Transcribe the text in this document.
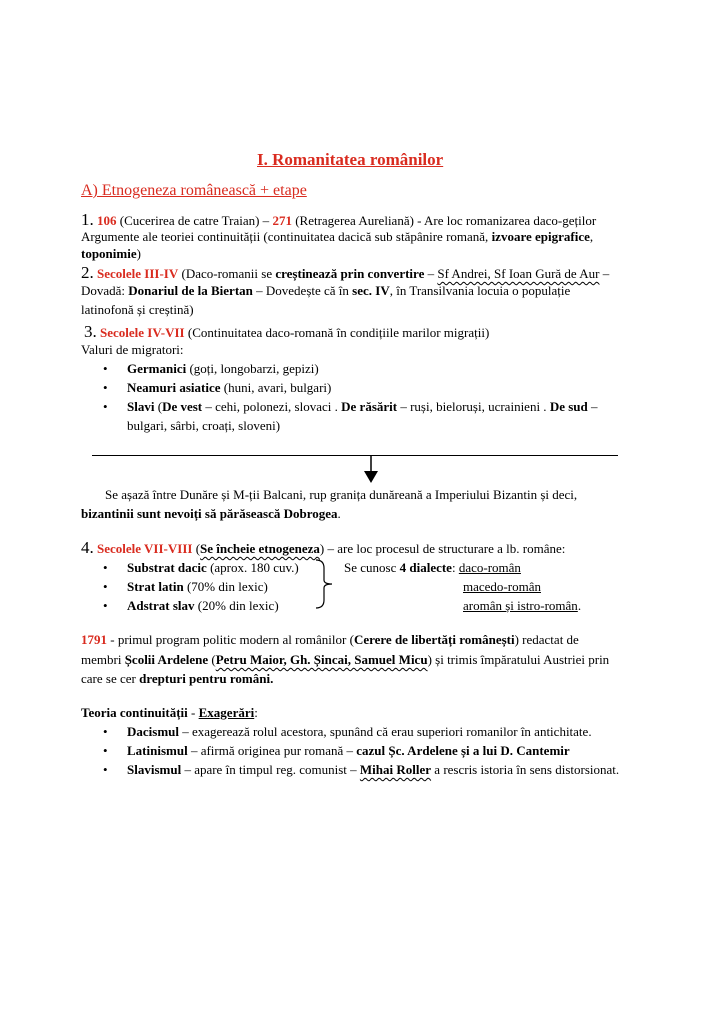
I. Romanitatea românilor
A) Etnogeneza românească + etape
1. 106 (Cucerirea de catre Traian) – 271 (Retragerea Aureliană) - Are loc romanizarea daco-geților
Argumente ale teoriei continuității (continuitatea dacică sub stăpânire romană, izvoare epigrafice,
toponimie)
2. Secolele III-IV (Daco-romanii se creștinează prin convertire – Sf Andrei, Sf Ioan Gură de Aur –
Dovadă: Donariul de la Biertan – Dovedește că în sec. IV, în Transilvania locuia o populație
latinofonă și creștină)
3. Secolele IV-VII (Continuitatea daco-romană în condițiile marilor migrații)
Valuri de migratori:
• Germanici (goți, longobarzi, gepizi)
• Neamuri asiatice (huni, avari, bulgari)
• Slavi (De vest – cehi, polonezi, slovaci . De răsărit – ruși, bieloruși, ucrainieni . De sud –
bulgari, sârbi, croați, sloveni)
Se așază între Dunăre și M-ții Balcani, rup granița dunăreană a Imperiului Bizantin și deci,
bizantinii sunt nevoiți să părăsească Dobrogea.
4. Secolele VII-VIII (Se încheie etnogeneza) – are loc procesul de structurare a lb. române:
• Substrat dacic (aprox. 180 cuv.)
• Strat latin (70% din lexic)
• Adstrat slav (20% din lexic)
Se cunosc 4 dialecte: daco-român
macedo-român
aromân și istro-român.
1791 - primul program politic modern al românilor (Cerere de libertăți românești) redactat de
membri Școlii Ardelene (Petru Maior, Gh. Șincai, Samuel Micu) și trimis împăratului Austriei prin
care se cer drepturi pentru români.
Teoria continuității - Exagerări:
• Dacismul – exagerează rolul acestora, spunând că erau superiori romanilor în antichitate.
• Latinismul – afirmă originea pur romană – cazul Șc. Ardelene și a lui D. Cantemir
• Slavismul – apare în timpul reg. comunist – Mihai Roller a rescris istoria în sens distorsionat.
